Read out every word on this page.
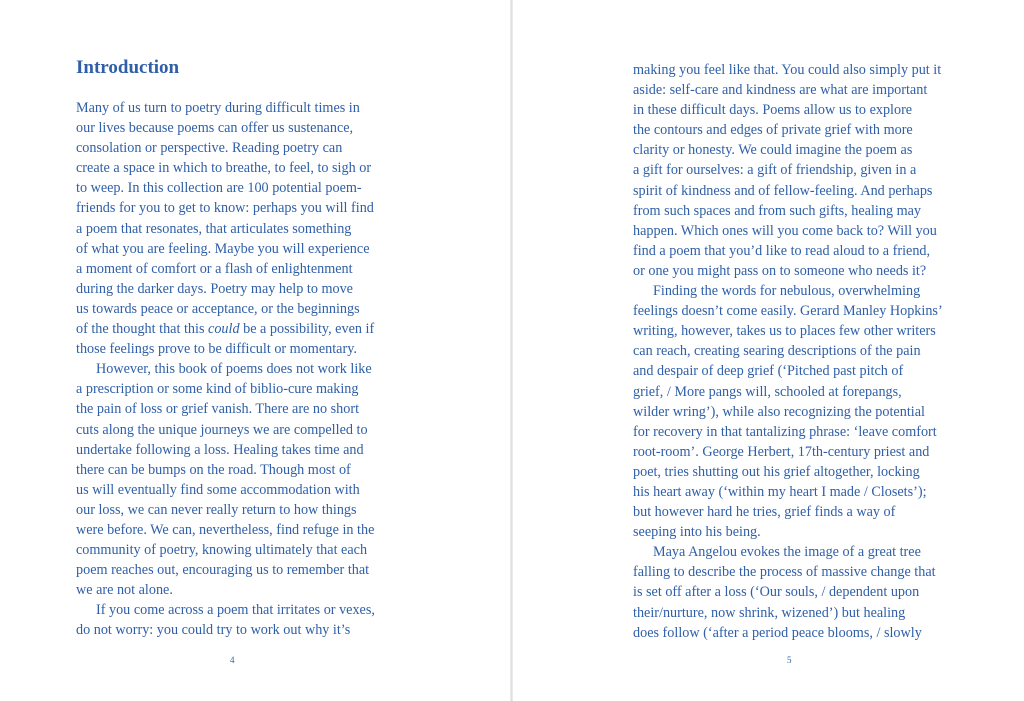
Introduction
Many of us turn to poetry during difficult times in
our lives because poems can offer us sustenance,
consolation or perspective. Reading poetry can
create a space in which to breathe, to feel, to sigh or
to weep. In this collection are 100 potential poem-
friends for you to get to know: perhaps you will find
a poem that resonates, that articulates something
of what you are feeling. Maybe you will experience
a moment of comfort or a flash of enlightenment
during the darker days. Poetry may help to move
us towards peace or acceptance, or the beginnings
of the thought that this could be a possibility, even if
those feelings prove to be difficult or momentary.
However, this book of poems does not work like
a prescription or some kind of biblio-cure making
the pain of loss or grief vanish. There are no short
cuts along the unique journeys we are compelled to
undertake following a loss. Healing takes time and
there can be bumps on the road. Though most of
us will eventually find some accommodation with
our loss, we can never really return to how things
were before. We can, nevertheless, find refuge in the
community of poetry, knowing ultimately that each
poem reaches out, encouraging us to remember that
we are not alone.
If you come across a poem that irritates or vexes,
do not worry: you could try to work out why it’s
4
making you feel like that. You could also simply put it
aside: self-care and kindness are what are important
in these difficult days. Poems allow us to explore
the contours and edges of private grief with more
clarity or honesty. We could imagine the poem as
a gift for ourselves: a gift of friendship, given in a
spirit of kindness and of fellow-feeling. And perhaps
from such spaces and from such gifts, healing may
happen. Which ones will you come back to? Will you
find a poem that you’d like to read aloud to a friend,
or one you might pass on to someone who needs it?
Finding the words for nebulous, overwhelming
feelings doesn’t come easily. Gerard Manley Hopkins’
writing, however, takes us to places few other writers
can reach, creating searing descriptions of the pain
and despair of deep grief (‘Pitched past pitch of
grief, / More pangs will, schooled at forepangs,
wilder wring’), while also recognizing the potential
for recovery in that tantalizing phrase: ‘leave comfort
root-room’. George Herbert, 17th-century priest and
poet, tries shutting out his grief altogether, locking
his heart away (‘within my heart I made / Closets’);
but however hard he tries, grief finds a way of
seeping into his being.
Maya Angelou evokes the image of a great tree
falling to describe the process of massive change that
is set off after a loss (‘Our souls, / dependent upon
their/nurture, now shrink, wizened’) but healing
does follow (‘after a period peace blooms, / slowly
5
